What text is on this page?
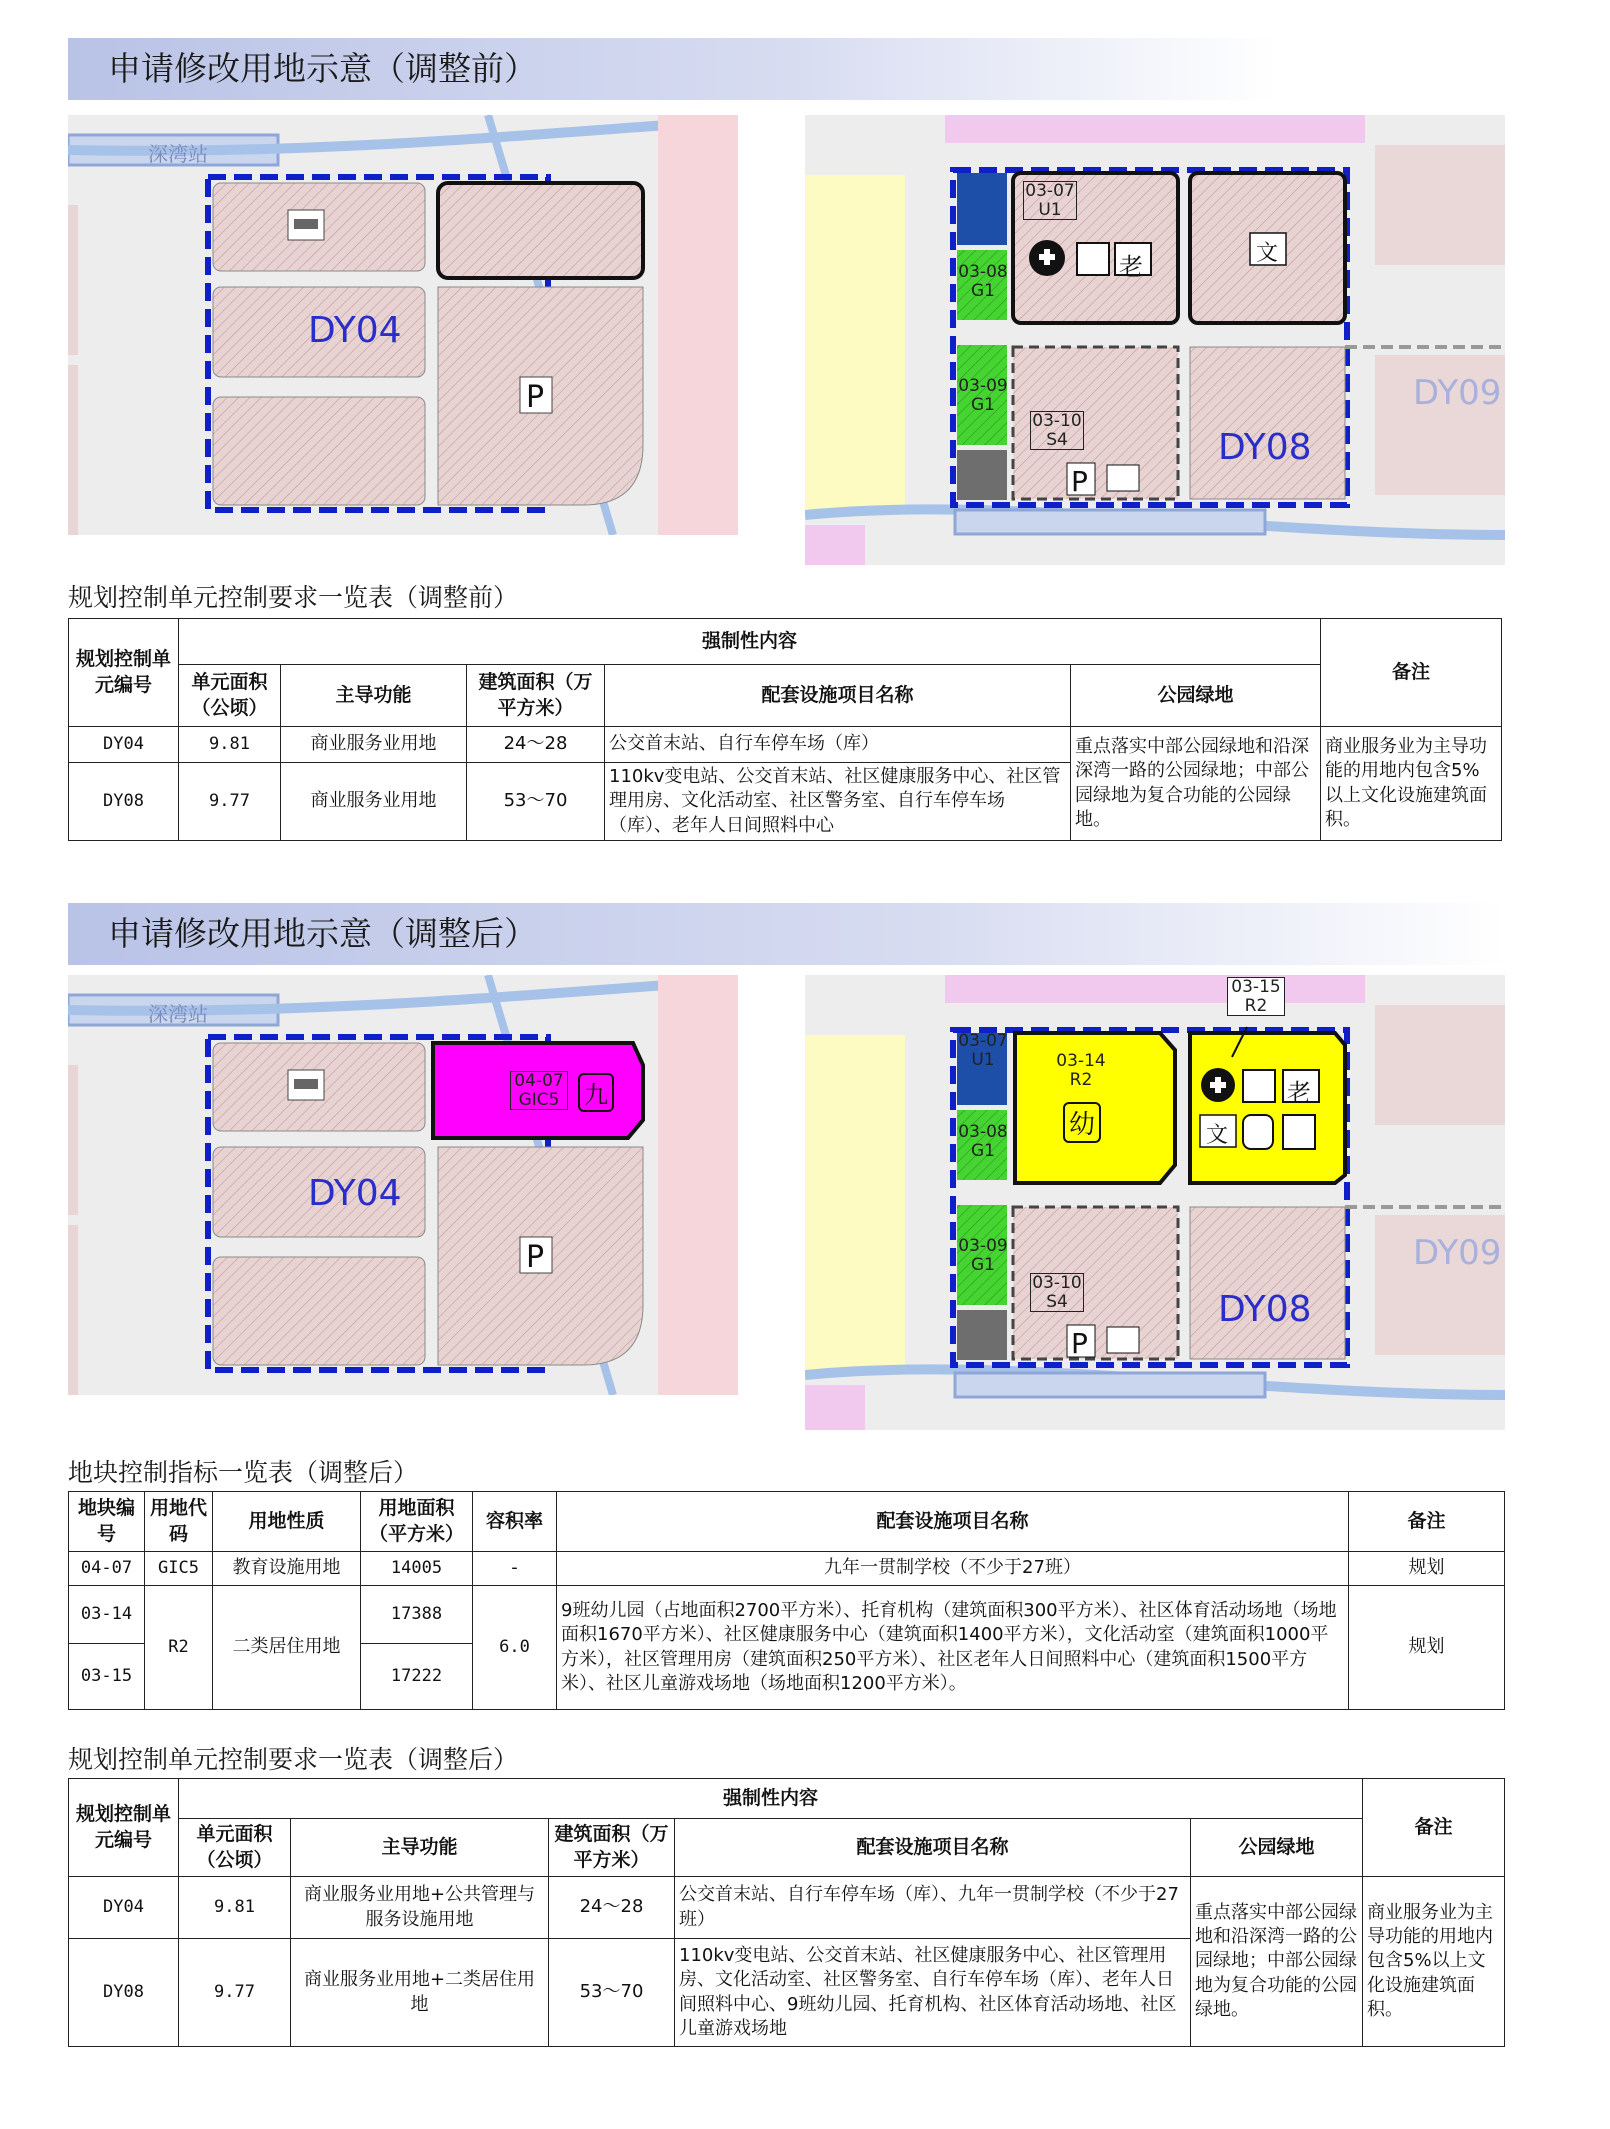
申请修改用地示意（调整前）
P
DY04
深湾站
P
03-07
U1
03-08
G1
03-09
G1
03-10
S4
老	文
DY08
DY09
规划控制单元控制要求一览表（调整前）
规划控制单元编号	强制性内容					备注
	单元面积（公顷）	主导功能	建筑面积（万平方米）	配套设施项目名称	公园绿地	
DY04	9.81	商业服务业用地	24～28	公交首末站、自行车停车场（库）	重点落实中部公园绿地和沿深深湾一路的公园绿地；中部公园绿地为复合功能的公园绿地。	商业服务业为主导功能的用地内包含5%以上文化设施建筑面积。
DY08	9.77	商业服务业用地	53～70	110kv变电站、公交首末站、社区健康服务中心、社区管理用房、文化活动室、社区警务室、自行车停车场（库）、老年人日间照料中心		
申请修改用地示意（调整后）
P
04-07
GIC5	九
DY04
深湾站
P
03-07
U1
03-08
G1
03-14
R2
幼
03-15
R2
老
文
03-09
G1
03-10
S4	DY08
DY09
地块控制指标一览表（调整后）
地块编号	用地代码	用地性质	用地面积（平方米）	容积率	配套设施项目名称	备注
04-07	GIC5	教育设施用地	14005	-	九年一贯制学校（不少于27班）	规划
03-14	R2	二类居住用地	17388	6.0	9班幼儿园（占地面积2700平方米）、托育机构（建筑面积300平方米）、社区体育活动场地（场地面积1670平方米）、社区健康服务中心（建筑面积1400平方米），文化活动室（建筑面积1000平方米），社区管理用房（建筑面积250平方米）、社区老年人日间照料中心（建筑面积1500平方米）、社区儿童游戏场地（场地面积1200平方米）。	规划
03-15			17222			
规划控制单元控制要求一览表（调整后）
规划控制单元编号	强制性内容					备注
	单元面积（公顷）	主导功能	建筑面积（万平方米）	配套设施项目名称	公园绿地	
DY04	9.81	商业服务业用地+公共管理与服务设施用地	24～28	公交首末站、自行车停车场（库）、九年一贯制学校（不少于27班）	重点落实中部公园绿地和沿深湾一路的公园绿地；中部公园绿地为复合功能的公园绿地。	商业服务业为主导功能的用地内包含5%以上文化设施建筑面积。
DY08	9.77	商业服务业用地+二类居住用地	53～70	110kv变电站、公交首末站、社区健康服务中心、社区管理用房、文化活动室、社区警务室、自行车停车场（库）、老年人日间照料中心、9班幼儿园、托育机构、社区体育活动场地、社区儿童游戏场地		
